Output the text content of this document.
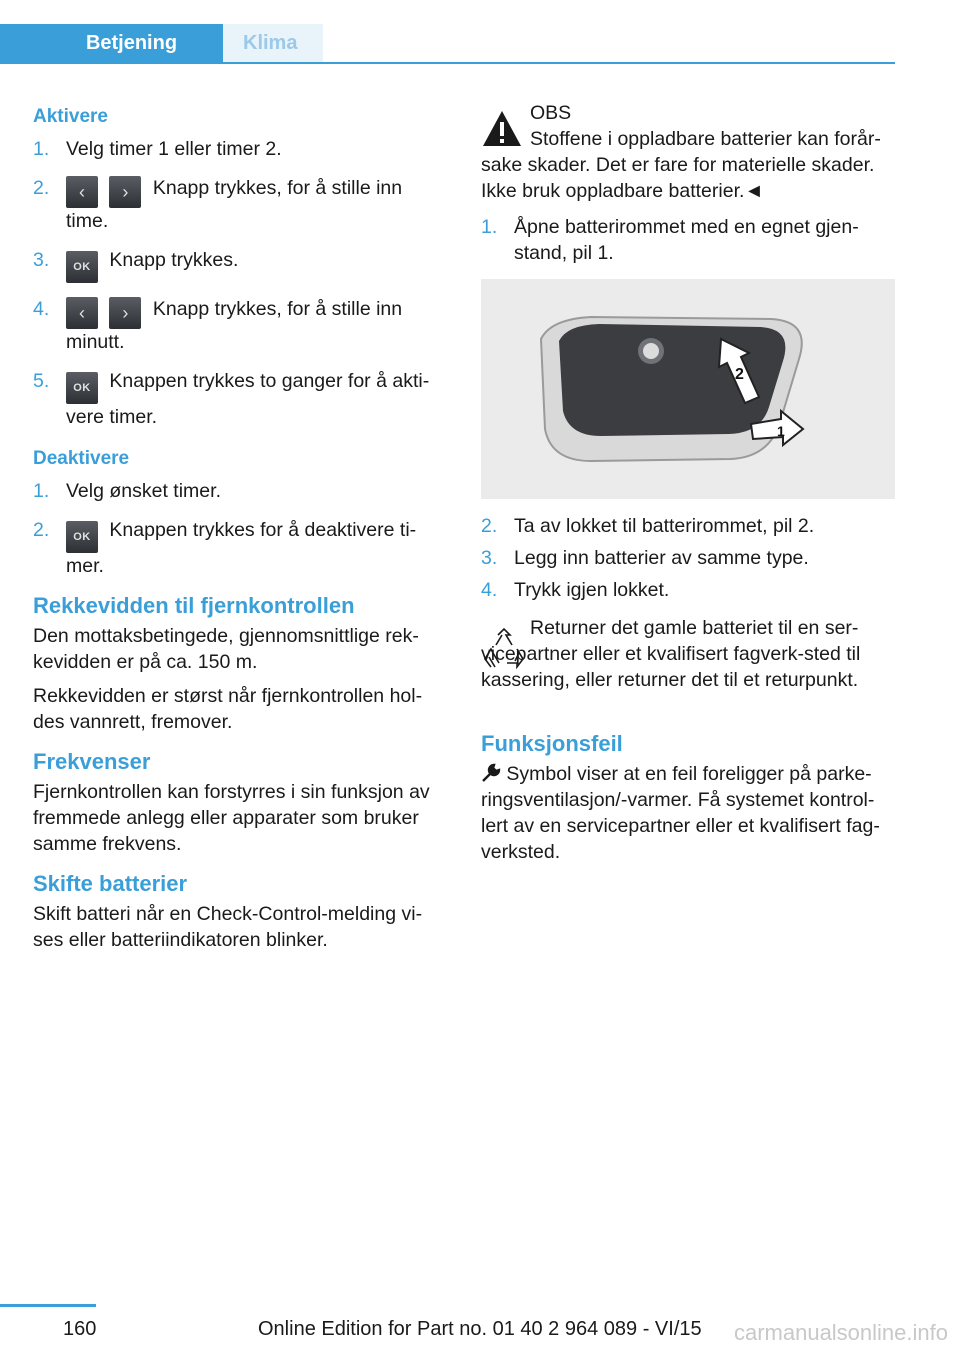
Betjening	Klima
Aktivere
1. Velg timer 1 eller timer 2.
2. ‹ › Knapp trykkes, for å stille inn time.
3. OK Knapp trykkes.
4. ‹ › Knapp trykkes, for å stille inn minutt.
5. OK Knappen trykkes to ganger for å akti‐vere timer.
Deaktivere
1. Velg ønsket timer.
2. OK Knappen trykkes for å deaktivere ti‐mer.
Rekkevidden til fjernkontrollen

Den mottaksbetingede, gjennomsnittlige rek‐kevidden er på ca. 150 m.

Rekkevidden er størst når fjernkontrollen hol‐des vannrett, fremover.

Frekvenser

Fjernkontrollen kan forstyrres i sin funksjon av fremmede anlegg eller apparater som bruker samme frekvens.

Skifte batterier

Skift batteri når en Check-Control-melding vi‐ses eller batteriindikatoren blinker.

OBS
Stoffene i oppladbare batterier kan forår‐sake skader. Det er fare for materielle skader. Ikke bruk oppladbare batterier.◄
1. Åpne batterirommet med en egnet gjen‐stand, pil 1.
2
1
2. Ta av lokket til batterirommet, pil 2.
3. Legg inn batterier av samme type.
4. Trykk igjen lokket.
Returner det gamle batteriet til en ser‐vicepartner eller et kvalifisert fagverk‐sted til kassering, eller returner det til et returpunkt.
Funksjonsfeil

Symbol viser at en feil foreligger på parke‐ringsventilasjon/-varmer. Få systemet kontrol‐lert av en servicepartner eller et kvalifisert fag‐verksted.

160	Online Edition for Part no. 01 40 2 964 089 - VI/15 carmanualsonline.info
